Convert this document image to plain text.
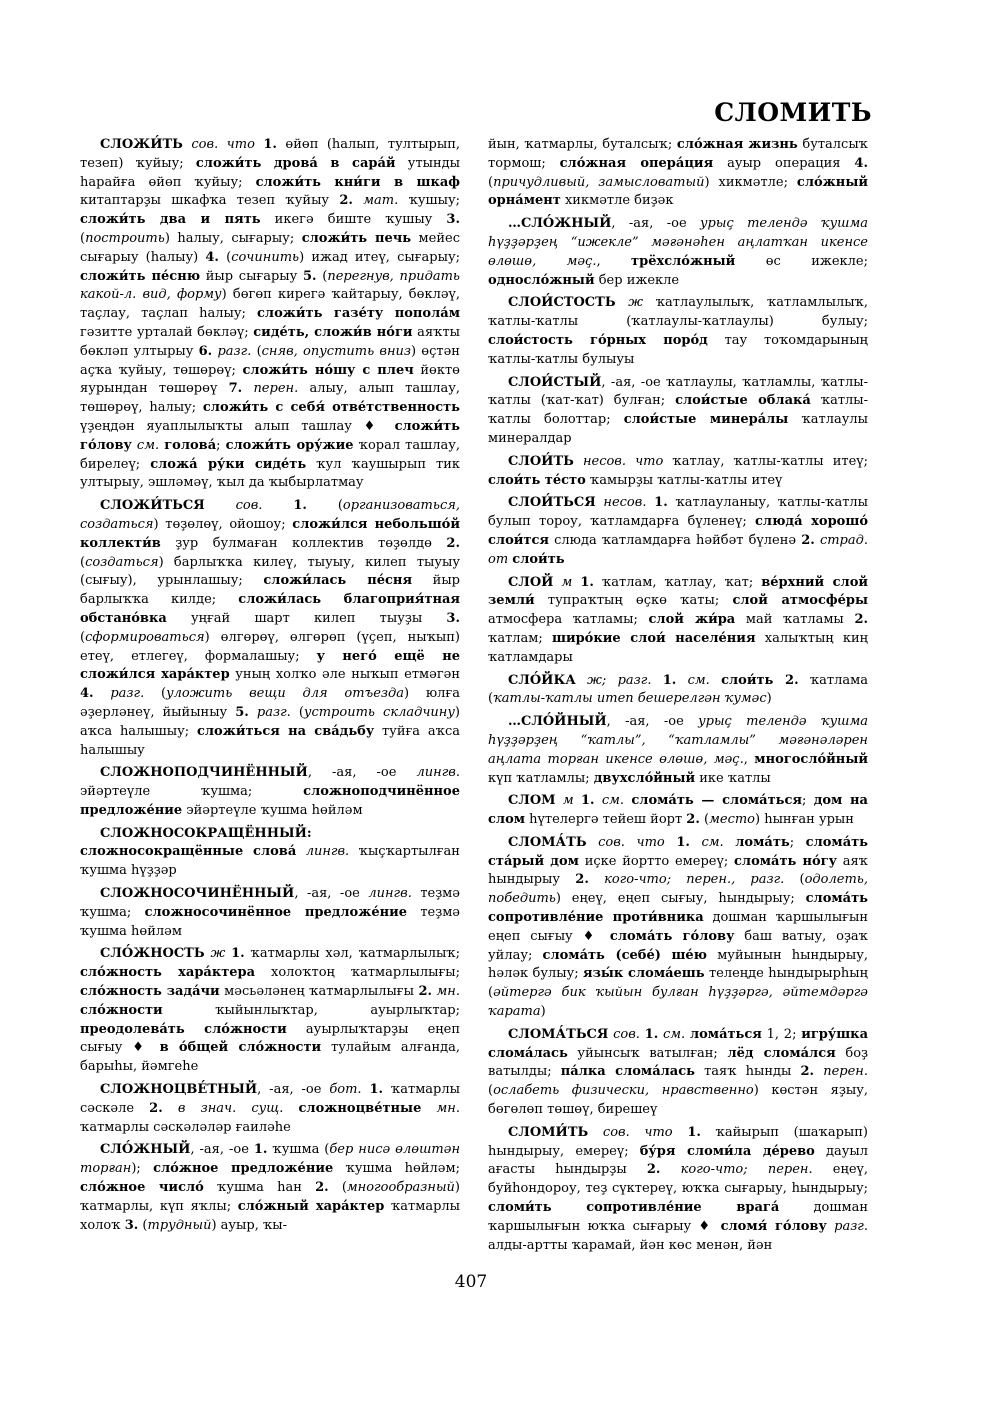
СЛОМИТЬ

СЛОЖИ́ТЬ сов. что 1. өйөп (һалып, тултырып, тезеп) ҡуйыу; сложи́ть дрова́ в сара́й утынды һарайға өйөп ҡуйыу; сложи́ть кни́ги в шкаф китаптарҙы шкафҡа тезеп ҡуйыу 2. мат. ҡушыу; сложи́ть два и пять икегә биште ҡушыу 3. (построить) һалыу, сығарыу; сложи́ть печь мейес сығарыу (һалыу) 4. (сочинить) ижад итеү, сығарыу; сложи́ть пе́сню йыр сығарыу 5. (перегнув, придать какой-л. вид, форму) бөгөп кирегә ҡайтарыу, бөкләү, таҫлау, таҫлап һалыу; сложи́ть газе́ту попола́м гәзитте урталай бөкләү; сиде́ть, сложи́в но́ги аяҡты бөкләп ултырыу 6. разг. (сняв, опустить вниз) өҫтән аҫҡа ҡуйыу, төшөрөү; сложи́ть но́шу с плеч йөктө яурындан төшөрөү 7. перен. алыу, алып ташлау, төшөрөү, һалыу; сложи́ть с себя́ отве́тственность үҙеңдән яуаплылыҡты алып ташлау ♦ сложи́ть го́лову см. голова́; сложи́ть ору́жие ҡорал ташлау, бирелеү; сложа́ ру́ки сиде́ть ҡул ҡаушырып тик ултырыу, эшләмәү, ҡыл да ҡыбырлатмау

СЛОЖИ́ТЬСЯ сов. 1. (организоваться, создаться) төҙөлөү, ойошоу; сложи́лся небольшо́й коллекти́в ҙур булмаған коллектив төҙөлдө 2. (создаться) барлыҡҡа килеү, тыуыу, килеп тыуыу (сығыу), урынлашыу; сложи́лась пе́сня йыр барлыҡҡа килде; сложи́лась благоприя́тная обстано́вка уңғай шарт килеп тыуҙы 3. (сформироваться) өлгөрөү, өлгөрөп (үҫеп, ныҡып) етеү, етлегеү, формалашыу; у него́ ещё не сложи́лся хара́ктер уның холҡо әле ныҡып етмәгән 4. разг. (уложить вещи для отъезда) юлға әҙерләнеү, йыйыныу 5. разг. (устроить складчину) аҡса һалышыу; сложи́ться на сва́дьбу туйға аҡса һалышыу

СЛОЖНОПОДЧИНЁННЫЙ, -ая, -ое лингв. эйәртеүле ҡушма; сложноподчинённое предложе́ние эйәртеүле ҡушма һөйләм

СЛОЖНОСОКРАЩЁННЫЙ: сложносокращённые слова́ лингв. ҡыҫҡартылған ҡушма һүҙҙәр

СЛОЖНОСОЧИНЁННЫЙ, -ая, -ое лингв. теҙмә ҡушма; сложносочинённое предложе́ние теҙмә ҡушма һөйләм

СЛО́ЖНОСТЬ ж 1. ҡатмарлы хәл, ҡатмарлылыҡ; сло́жность хара́ктера холоҡтоң ҡатмарлылығы; сло́жность зада́чи мәсьәләнең ҡатмарлылығы 2. мн. сло́жности ҡыйынлыҡтар, ауырлыҡтар; преодолева́ть сло́жности ауырлыҡтарҙы еңеп сығыу ♦ в о́бщей сло́жности тулайым алғанда, барыһы, йәмгеһе

СЛОЖНОЦВЕ́ТНЫЙ, -ая, -ое бот. 1. ҡатмарлы сәскәле 2. в знач. сущ. сложноцве́тные мн. ҡатмарлы сәскәләләр ғаиләһе

СЛО́ЖНЫЙ, -ая, -ое 1. ҡушма (бер нисә өлөштән торған); сло́жное предложе́ние ҡушма һөйләм; сло́жное число́ ҡушма һан 2. (многообразный) ҡатмарлы, күп яҡлы; сло́жный хара́ктер ҡатмарлы холоҡ 3. (трудный) ауыр, ҡы-

йын, ҡатмарлы, буталсыҡ; сло́жная жизнь буталсыҡ тормош; сло́жная опера́ция ауыр операция 4. (причудливый, замысловатый) хикмәтле; сло́жный орна́мент хикмәтле биҙәк

…СЛО́ЖНЫЙ, -ая, -ое урыҫ телендә ҡушма һүҙҙәрҙең “ижекле” мәғәнәһен аңлатҡан икенсе өлөшө, мәҫ., трёхсло́жный өс ижекле; односло́жный бер ижекле

СЛОИ́СТОСТЬ ж ҡатлаулылыҡ, ҡатламлылыҡ, ҡатлы-ҡатлы (ҡатлаулы-ҡатлаулы) булыу; слои́стость го́рных поро́д тау тоҡомдарының ҡатлы-ҡатлы булыуы

СЛОИ́СТЫЙ, -ая, -ое ҡатлаулы, ҡатламлы, ҡатлы-ҡатлы (ҡат-ҡат) булған; слои́стые облака́ ҡатлы-ҡатлы болоттар; слои́стые минера́лы ҡатлаулы минералдар

СЛОИ́ТЬ несов. что ҡатлау, ҡатлы-ҡатлы итеү; слои́ть те́сто ҡамырҙы ҡатлы-ҡатлы итеү

СЛОИ́ТЬСЯ несов. 1. ҡатлауланыу, ҡатлы-ҡатлы булып тороу, ҡатламдарға бүленеү; слюда́ хорошо́ слои́тся слюда ҡатламдарға һәйбәт бүленә 2. страд. от слои́ть

СЛОЙ м 1. ҡатлам, ҡатлау, ҡат; ве́рхний слой земли́ тупраҡтың өҫкө ҡаты; слой атмосфе́ры атмосфера ҡатламы; слой жи́ра май ҡатламы 2. ҡатлам; широ́кие слои́ населе́ния халыҡтың киң ҡатламдары

СЛО́ЙКА ж; разг. 1. см. слои́ть 2. ҡатлама (ҡатлы-ҡатлы итеп бешерелгән ҡумәс)

…СЛО́ЙНЫЙ, -ая, -ое урыҫ телендә ҡушма һүҙҙәрҙең “ҡатлы”, “ҡатламлы” мәғәнәләрен аңлата торған икенсе өлөшө, мәҫ., многосло́йный күп ҡатламлы; двухсло́йный ике ҡатлы

СЛОМ м 1. см. слома́ть — слома́ться; дом на слом һүтелергә тейеш йорт 2. (место) һынған урын

СЛОМА́ТЬ сов. что 1. см. лома́ть; слома́ть ста́рый дом иҫке йортто емереү; слома́ть но́гу аяҡ һындырыу 2. кого-что; перен., разг. (одолеть, победить) еңеү, еңеп сығыу, һындырыу; слома́ть сопротивле́ние проти́вника дошман ҡаршылығын еңеп сығыу ♦ слома́ть го́лову баш ватыу, оҙаҡ уйлау; слома́ть (себе́) ше́ю муйынын һындырыу, һәләк булыу; язы́к слома́ешь телеңде һындырырһың (әйтергә бик ҡыйын булған һүҙҙәргә, әйтемдәргә ҡарата)

СЛОМА́ТЬСЯ сов. 1. см. лома́ться 1, 2; игру́шка слома́лась уйынсыҡ ватылған; лёд слома́лся боҙ ватылды; па́лка слома́лась таяҡ һынды 2. перен. (ослабеть физически, нравственно) көстән яҙыу, бөгөлөп төшөү, бирешеү

СЛОМИ́ТЬ сов. что 1. ҡайырып (шаҡарып) һындырыу, емереү; бу́ря сломи́ла де́рево дауыл ағасты һындырҙы 2. кого-что; перен. еңеү, буйһондороу, теҙ сүктереү, юҡҡа сығарыу, һындырыу; сломи́ть сопротивле́ние врага́ дошман ҡаршылығын юҡҡа сығарыу ♦ сломя́ го́лову разг. алды-артты ҡарамай, йән көс менән, йән

407
